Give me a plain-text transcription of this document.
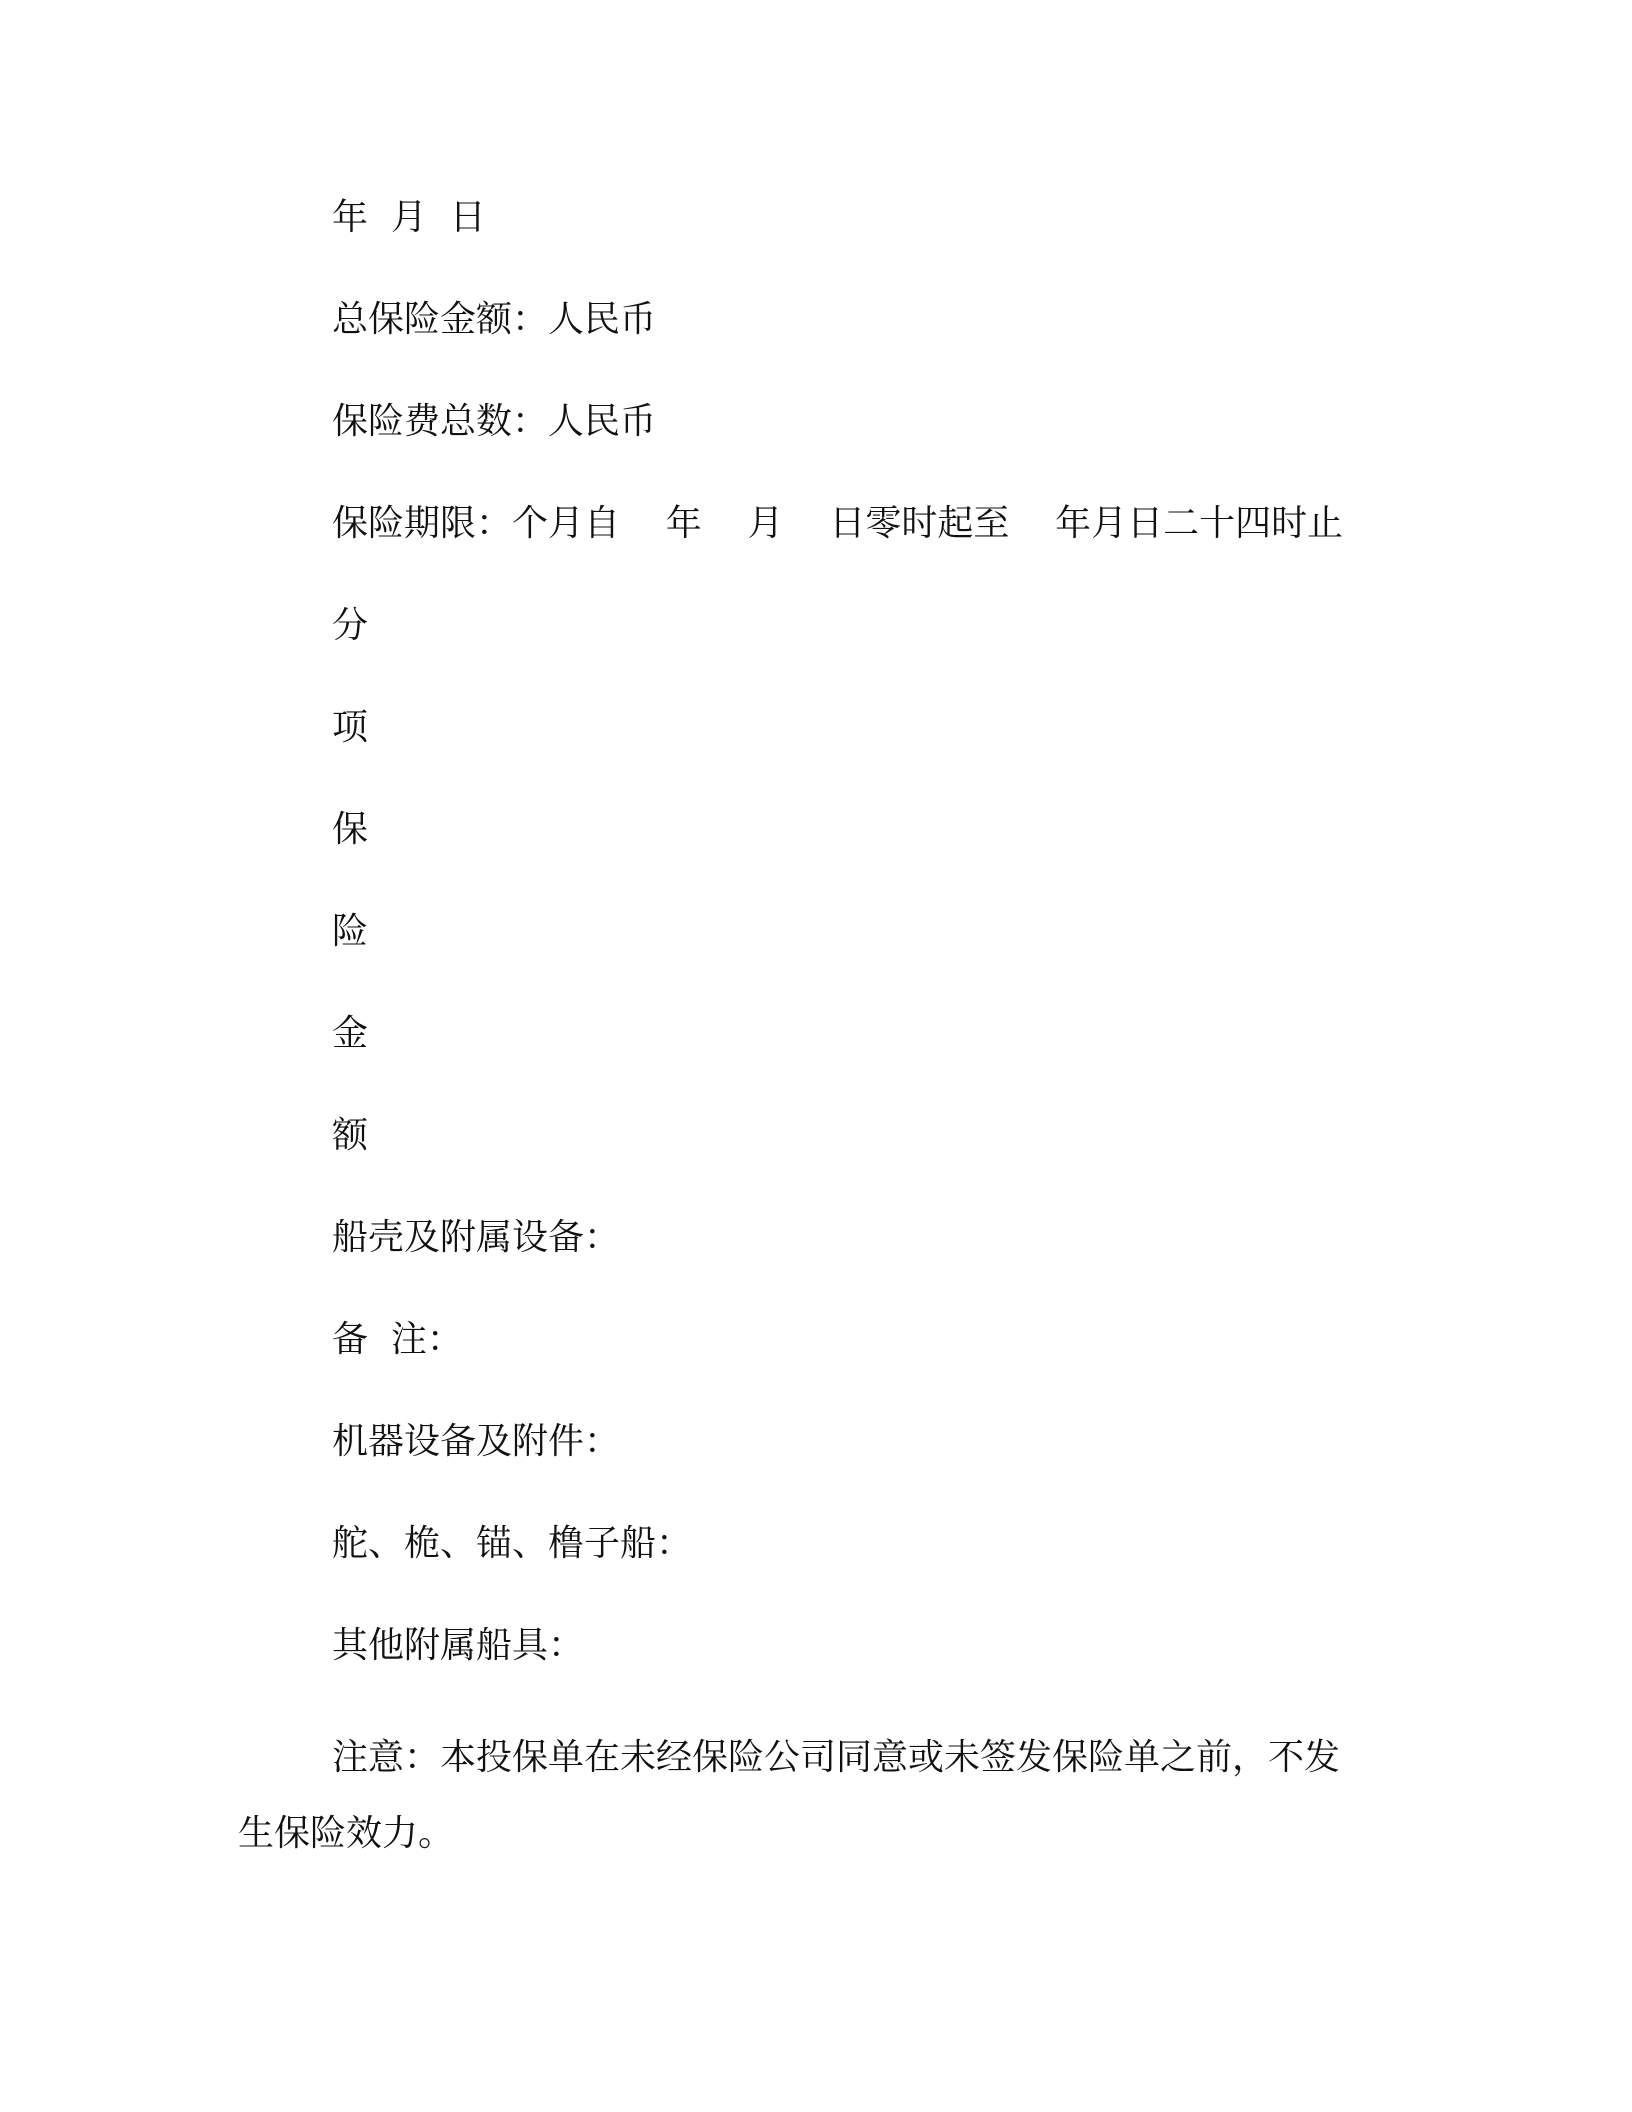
年  月  日
总保险金额：人民币
保险费总数：人民币
保险期限：个月自    年    月    日零时起至    年月日二十四时止
分
项
保
险
金
额
船壳及附属设备：
备  注：
机器设备及附件：
舵、桅、锚、橹子船：
其他附属船具：
注意：本投保单在未经保险公司同意或未签发保险单之前，不发
生保险效力。
